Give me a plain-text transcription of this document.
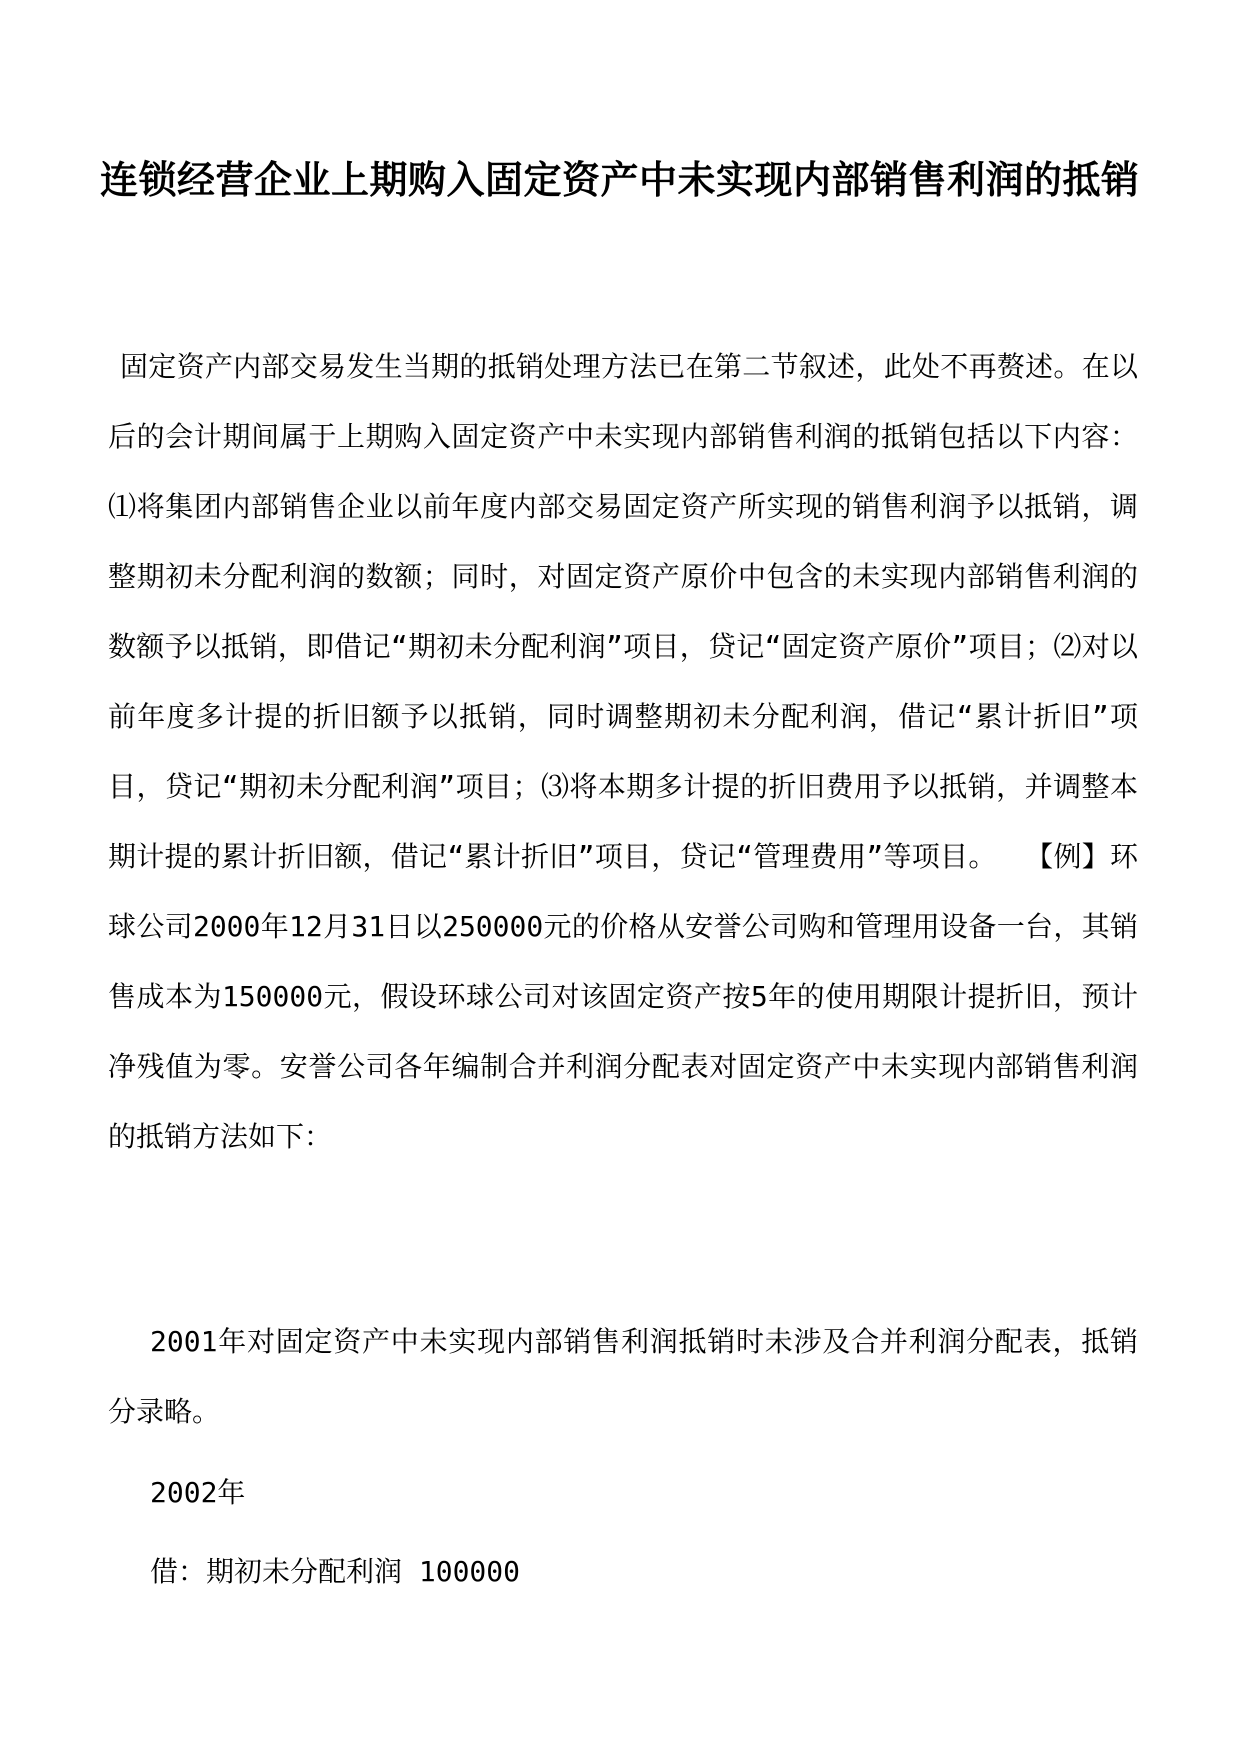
连锁经营企业上期购入固定资产中未实现内部销售利润的抵销

固定资产内部交易发生当期的抵销处理方法已在第二节叙述，此处不再赘述。在以后的会计期间属于上期购入固定资产中未实现内部销售利润的抵销包括以下内容：⑴将集团内部销售企业以前年度内部交易固定资产所实现的销售利润予以抵销，调整期初未分配利润的数额；同时，对固定资产原价中包含的未实现内部销售利润的数额予以抵销，即借记“期初未分配利润”项目，贷记“固定资产原价”项目；⑵对以前年度多计提的折旧额予以抵销，同时调整期初未分配利润，借记“累计折旧”项目，贷记“期初未分配利润”项目；⑶将本期多计提的折旧费用予以抵销，并调整本期计提的累计折旧额，借记“累计折旧”项目，贷记“管理费用”等项目。　　【例】环球公司2000年12月31日以250000元的价格从安誉公司购和管理用设备一台，其销售成本为150000元，假设环球公司对该固定资产按5年的使用期限计提折旧，预计净残值为零。安誉公司各年编制合并利润分配表对固定资产中未实现内部销售利润的抵销方法如下：

2001年对固定资产中未实现内部销售利润抵销时未涉及合并利润分配表，抵销分录略。

2002年

借：期初未分配利润 100000
